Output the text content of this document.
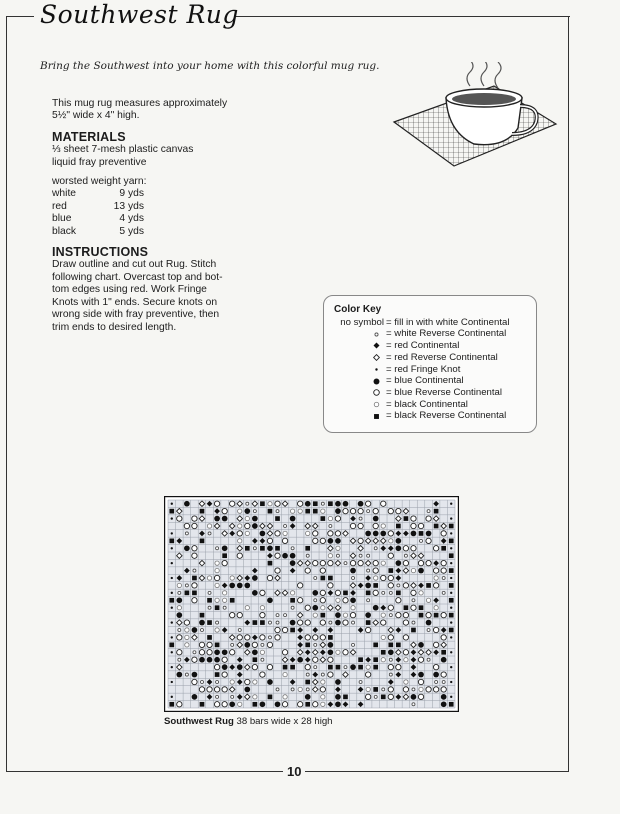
Southwest Rug
Bring the Southwest into your home with this colorful mug rug.

This mug rug measures approximately

5½" wide x 4" high.

MATERIALS

⅓ sheet 7-mesh plastic canvas

liquid fray preventive

worsted weight yarn:

white	9 yds
red	13 yds
blue	4 yds
black	5 yds
INSTRUCTIONS

Draw outline and cut out Rug. Stitch

following chart. Overcast top and bot-

tom edges using red. Work Fringe

Knots with 1" ends. Secure knots on

wrong side with fray preventive, then

trim ends to desired length.

Color Key
no symbol = fill in with white Continental
= white Reverse Continental
= red Continental
= red Reverse Continental
= red Fringe Knot
= blue Continental
= blue Reverse Continental
= black Continental
= black Reverse Continental
Southwest Rug 38 bars wide x 28 high
10
